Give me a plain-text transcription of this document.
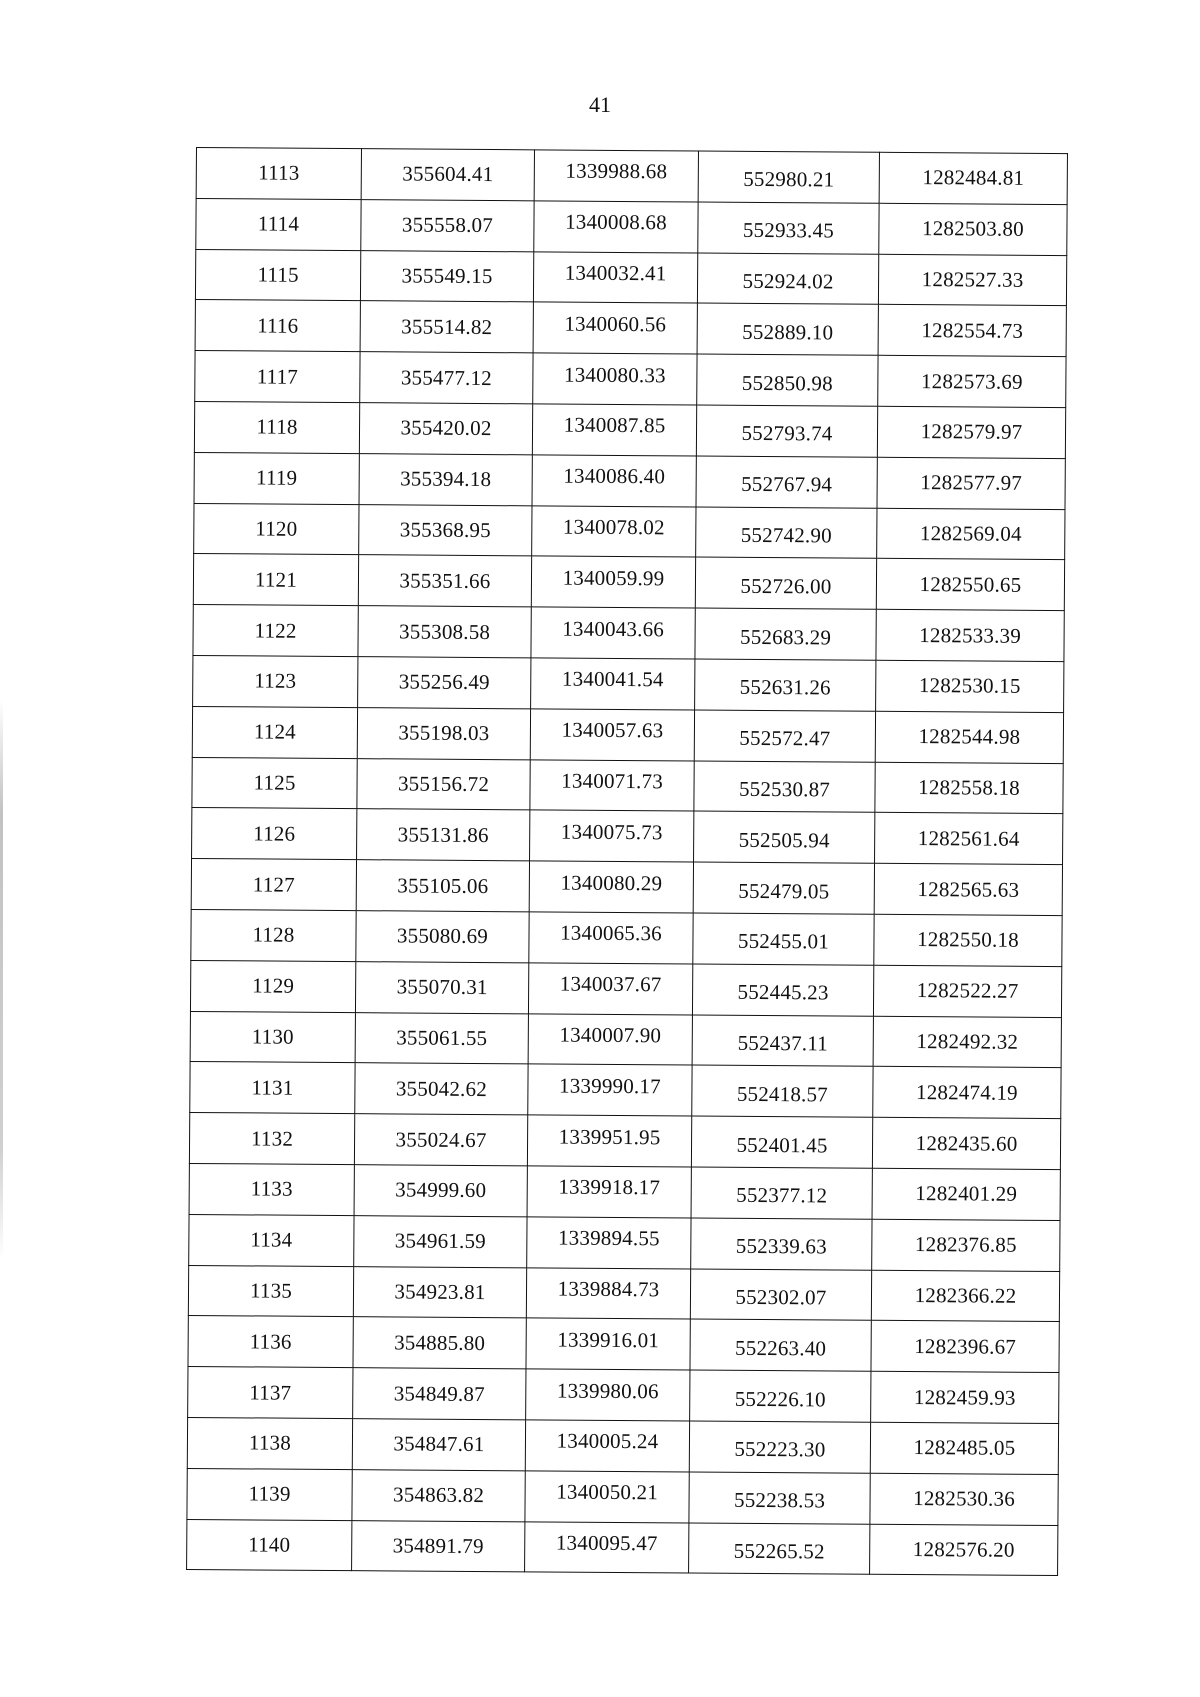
41
1113	355604.41	1339988.68	552980.21	1282484.81
1114	355558.07	1340008.68	552933.45	1282503.80
1115	355549.15	1340032.41	552924.02	1282527.33
1116	355514.82	1340060.56	552889.10	1282554.73
1117	355477.12	1340080.33	552850.98	1282573.69
1118	355420.02	1340087.85	552793.74	1282579.97
1119	355394.18	1340086.40	552767.94	1282577.97
1120	355368.95	1340078.02	552742.90	1282569.04
1121	355351.66	1340059.99	552726.00	1282550.65
1122	355308.58	1340043.66	552683.29	1282533.39
1123	355256.49	1340041.54	552631.26	1282530.15
1124	355198.03	1340057.63	552572.47	1282544.98
1125	355156.72	1340071.73	552530.87	1282558.18
1126	355131.86	1340075.73	552505.94	1282561.64
1127	355105.06	1340080.29	552479.05	1282565.63
1128	355080.69	1340065.36	552455.01	1282550.18
1129	355070.31	1340037.67	552445.23	1282522.27
1130	355061.55	1340007.90	552437.11	1282492.32
1131	355042.62	1339990.17	552418.57	1282474.19
1132	355024.67	1339951.95	552401.45	1282435.60
1133	354999.60	1339918.17	552377.12	1282401.29
1134	354961.59	1339894.55	552339.63	1282376.85
1135	354923.81	1339884.73	552302.07	1282366.22
1136	354885.80	1339916.01	552263.40	1282396.67
1137	354849.87	1339980.06	552226.10	1282459.93
1138	354847.61	1340005.24	552223.30	1282485.05
1139	354863.82	1340050.21	552238.53	1282530.36
1140	354891.79	1340095.47	552265.52	1282576.20
